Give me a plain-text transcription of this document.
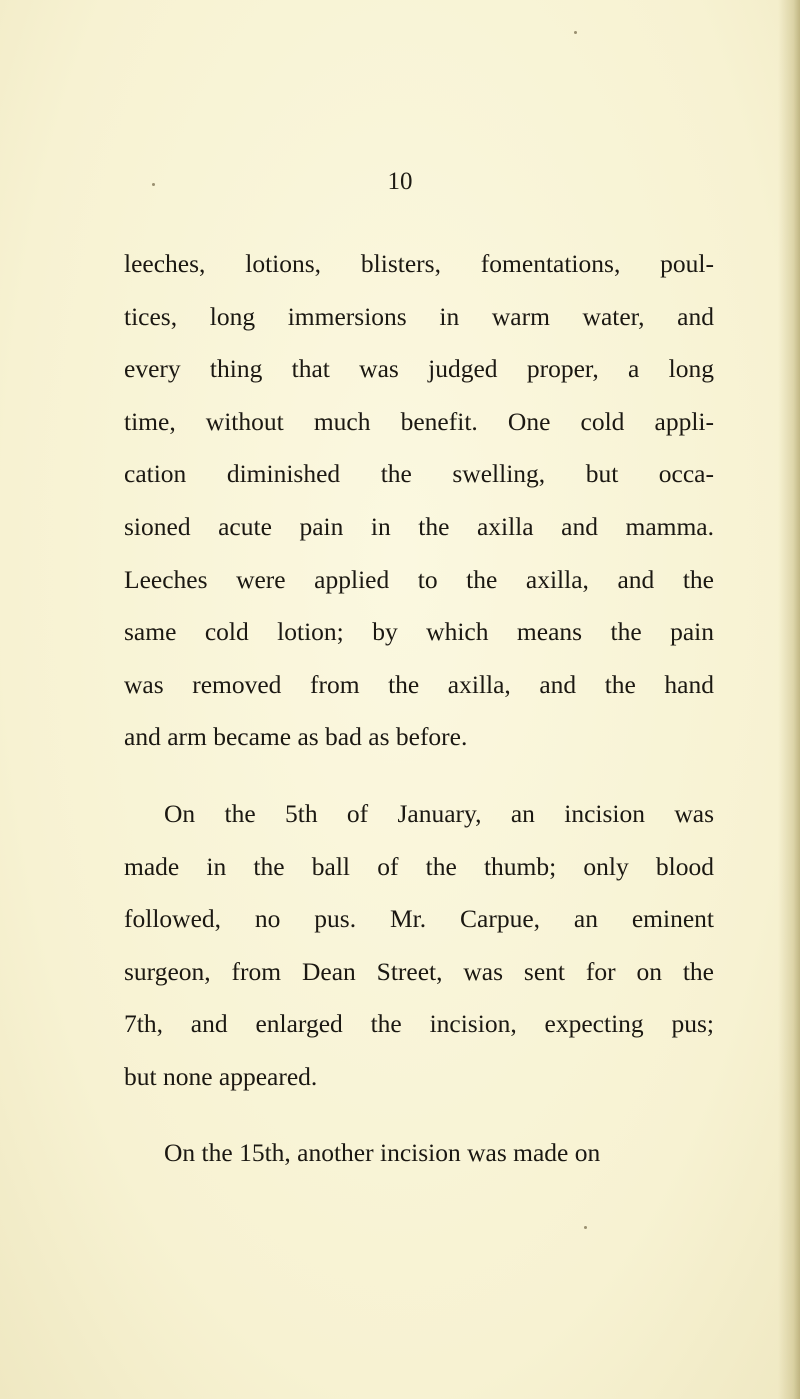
10

leeches, lotions, blisters, fomentations, poul-
tices, long immersions in warm water, and
every thing that was judged proper, a long
time, without much benefit. One cold appli-
cation diminished the swelling, but occa-
sioned acute pain in the axilla and mamma.
Leeches were applied to the axilla, and the
same cold lotion; by which means the pain
was removed from the axilla, and the hand
and arm became as bad as before.
On the 5th of January, an incision was
made in the ball of the thumb; only blood
followed, no pus. Mr. Carpue, an eminent
surgeon, from Dean Street, was sent for on the
7th, and enlarged the incision, expecting pus;
but none appeared.
On the 15th, another incision was made on
